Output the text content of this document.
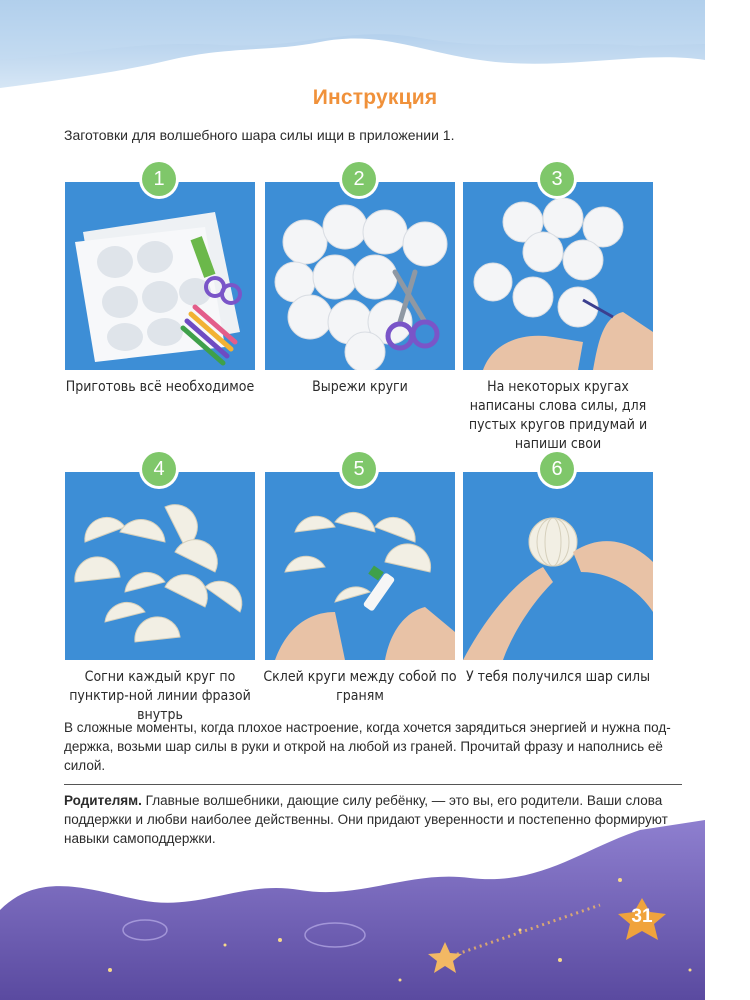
Инструкция
Заготовки для волшебного шара силы ищи в приложении 1.
1
Приготовь всё необходимое
2
Вырежи круги
3
На некоторых кругах написаны слова силы, для пустых кругов придумай и напиши свои
4
Согни каждый круг по пунктир-ной линии фразой внутрь
5
Склей круги между собой по граням
6
У тебя получился шар силы
В сложные моменты, когда плохое настроение, когда хочется зарядиться энергией и нужна под-держка, возьми шар силы в руки и открой на любой из граней. Прочитай фразу и наполнись её силой.
Родителям. Главные волшебники, дающие силу ребёнку, — это вы, его родители. Ваши слова поддержки и любви наиболее действенны. Они придают уверенности и постепенно формируют навыки самоподдержки.
31
